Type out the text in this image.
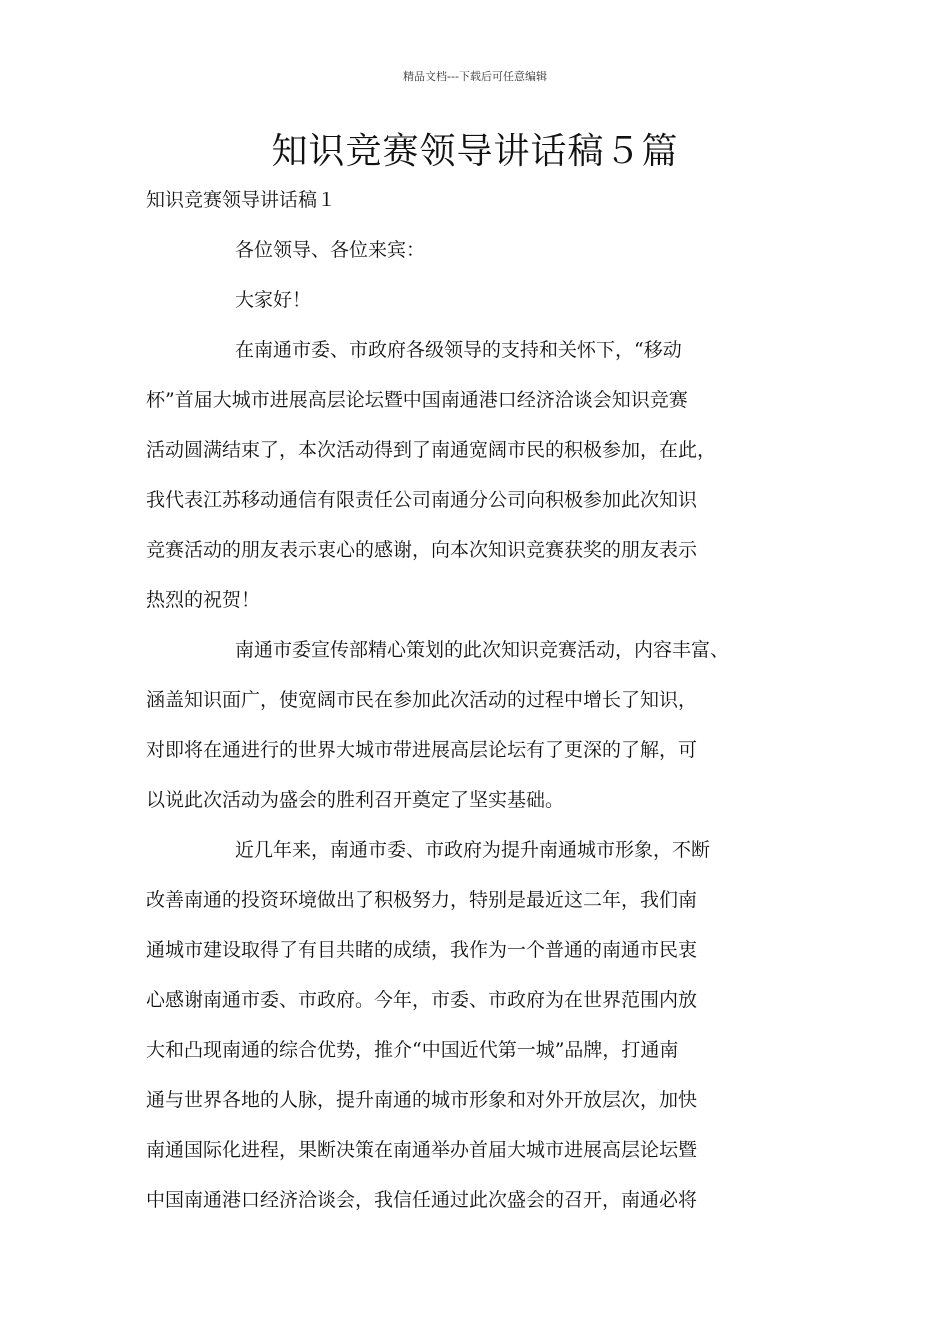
精品文档---下载后可任意编辑
知识竞赛领导讲话稿５篇
知识竞赛领导讲话稿１
各位领导、各位来宾：
大家好！
在南通市委、市政府各级领导的支持和关怀下，“移动
杯”首届大城市进展高层论坛暨中国南通港口经济洽谈会知识竞赛
活动圆满结束了，本次活动得到了南通宽阔市民的积极参加，在此，
我代表江苏移动通信有限责任公司南通分公司向积极参加此次知识
竞赛活动的朋友表示衷心的感谢，向本次知识竞赛获奖的朋友表示
热烈的祝贺！
南通市委宣传部精心策划的此次知识竞赛活动，内容丰富、
涵盖知识面广，使宽阔市民在参加此次活动的过程中增长了知识，
对即将在通进行的世界大城市带进展高层论坛有了更深的了解，可
以说此次活动为盛会的胜利召开奠定了坚实基础。
近几年来，南通市委、市政府为提升南通城市形象，不断
改善南通的投资环境做出了积极努力，特别是最近这二年，我们南
通城市建设取得了有目共睹的成绩，我作为一个普通的南通市民衷
心感谢南通市委、市政府。今年，市委、市政府为在世界范围内放
大和凸现南通的综合优势，推介“中国近代第一城”品牌，打通南
通与世界各地的人脉，提升南通的城市形象和对外开放层次，加快
南通国际化进程，果断决策在南通举办首届大城市进展高层论坛暨
中国南通港口经济洽谈会，我信任通过此次盛会的召开，南通必将
